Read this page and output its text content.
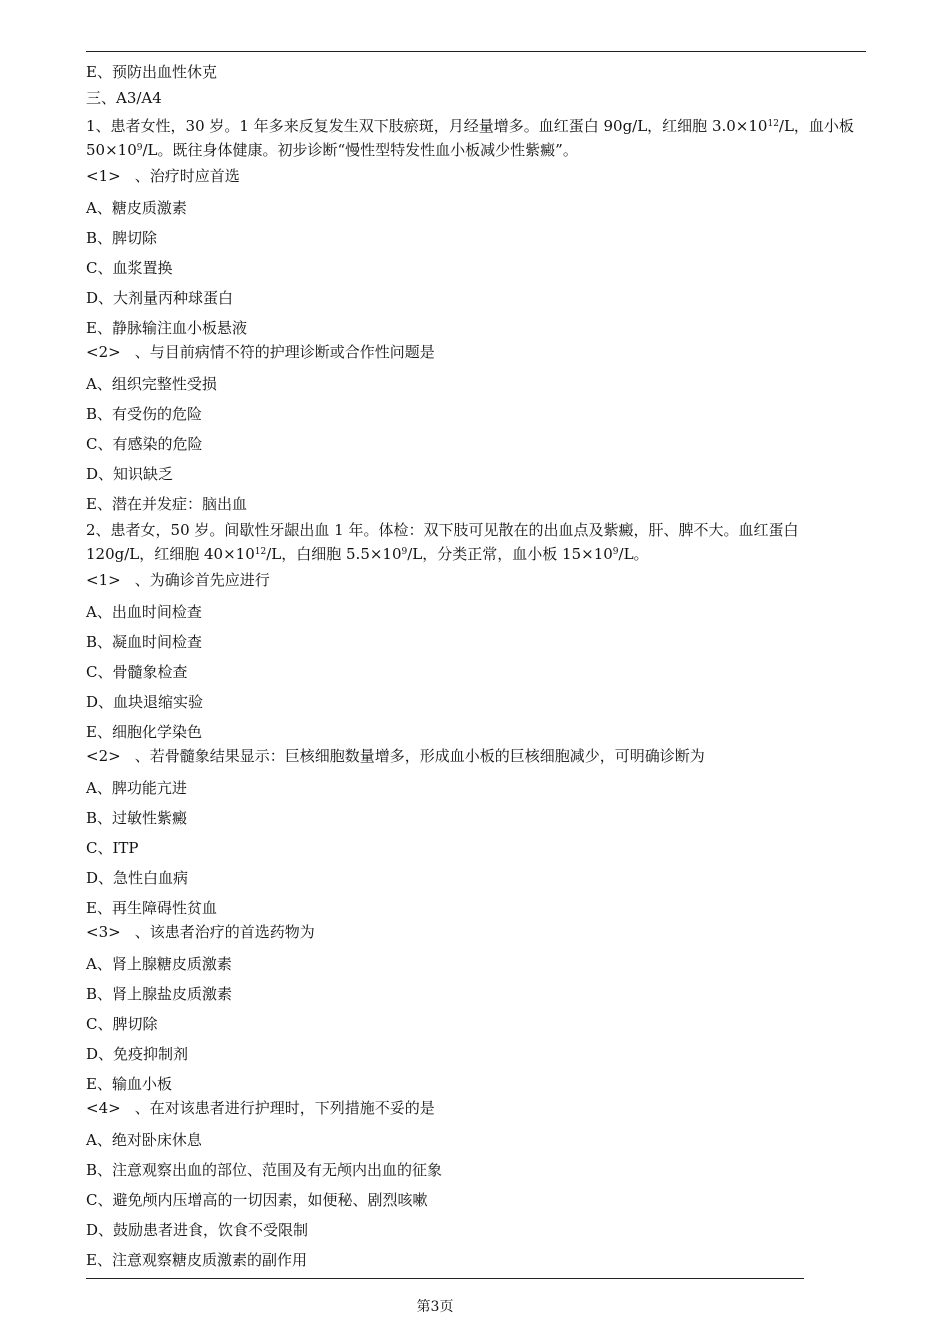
E、预防出血性休克
三、A3/A4
1、患者女性，30 岁。1 年多来反复发生双下肢瘀斑，月经量增多。血红蛋白 90g/L，红细胞 $3.0\times 10^{12}/L$，血小板 $50\times 10^9/L$。既往身体健康。初步诊断“慢性型特发性血小板减少性紫癜”。
<1> 、治疗时应首选
A、糖皮质激素
B、脾切除
C、血浆置换
D、大剂量丙种球蛋白
E、静脉输注血小板悬液
<2> 、与目前病情不符的护理诊断或合作性问题是
A、组织完整性受损
B、有受伤的危险
C、有感染的危险
D、知识缺乏
E、潜在并发症：脑出血
2、患者女，50 岁。间歇性牙龈出血 1 年。体检：双下肢可见散在的出血点及紫癜，肝、脾不大。血红蛋白 120g/L，红细胞 $40\times 10^{12}/L$，白细胞 $5.5\times 10^9/L$，分类正常，血小板 $15\times 10^9/L$。
<1> 、为确诊首先应进行
A、出血时间检查
B、凝血时间检查
C、骨髓象检查
D、血块退缩实验
E、细胞化学染色
<2> 、若骨髓象结果显示：巨核细胞数量增多，形成血小板的巨核细胞减少，可明确诊断为
A、脾功能亢进
B、过敏性紫癜
C、ITP
D、急性白血病
E、再生障碍性贫血
<3> 、该患者治疗的首选药物为
A、肾上腺糖皮质激素
B、肾上腺盐皮质激素
C、脾切除
D、免疫抑制剂
E、输血小板
<4> 、在对该患者进行护理时，下列措施不妥的是
A、绝对卧床休息
B、注意观察出血的部位、范围及有无颅内出血的征象
C、避免颅内压增高的一切因素，如便秘、剧烈咳嗽
D、鼓励患者进食，饮食不受限制
E、注意观察糖皮质激素的副作用
第3页
